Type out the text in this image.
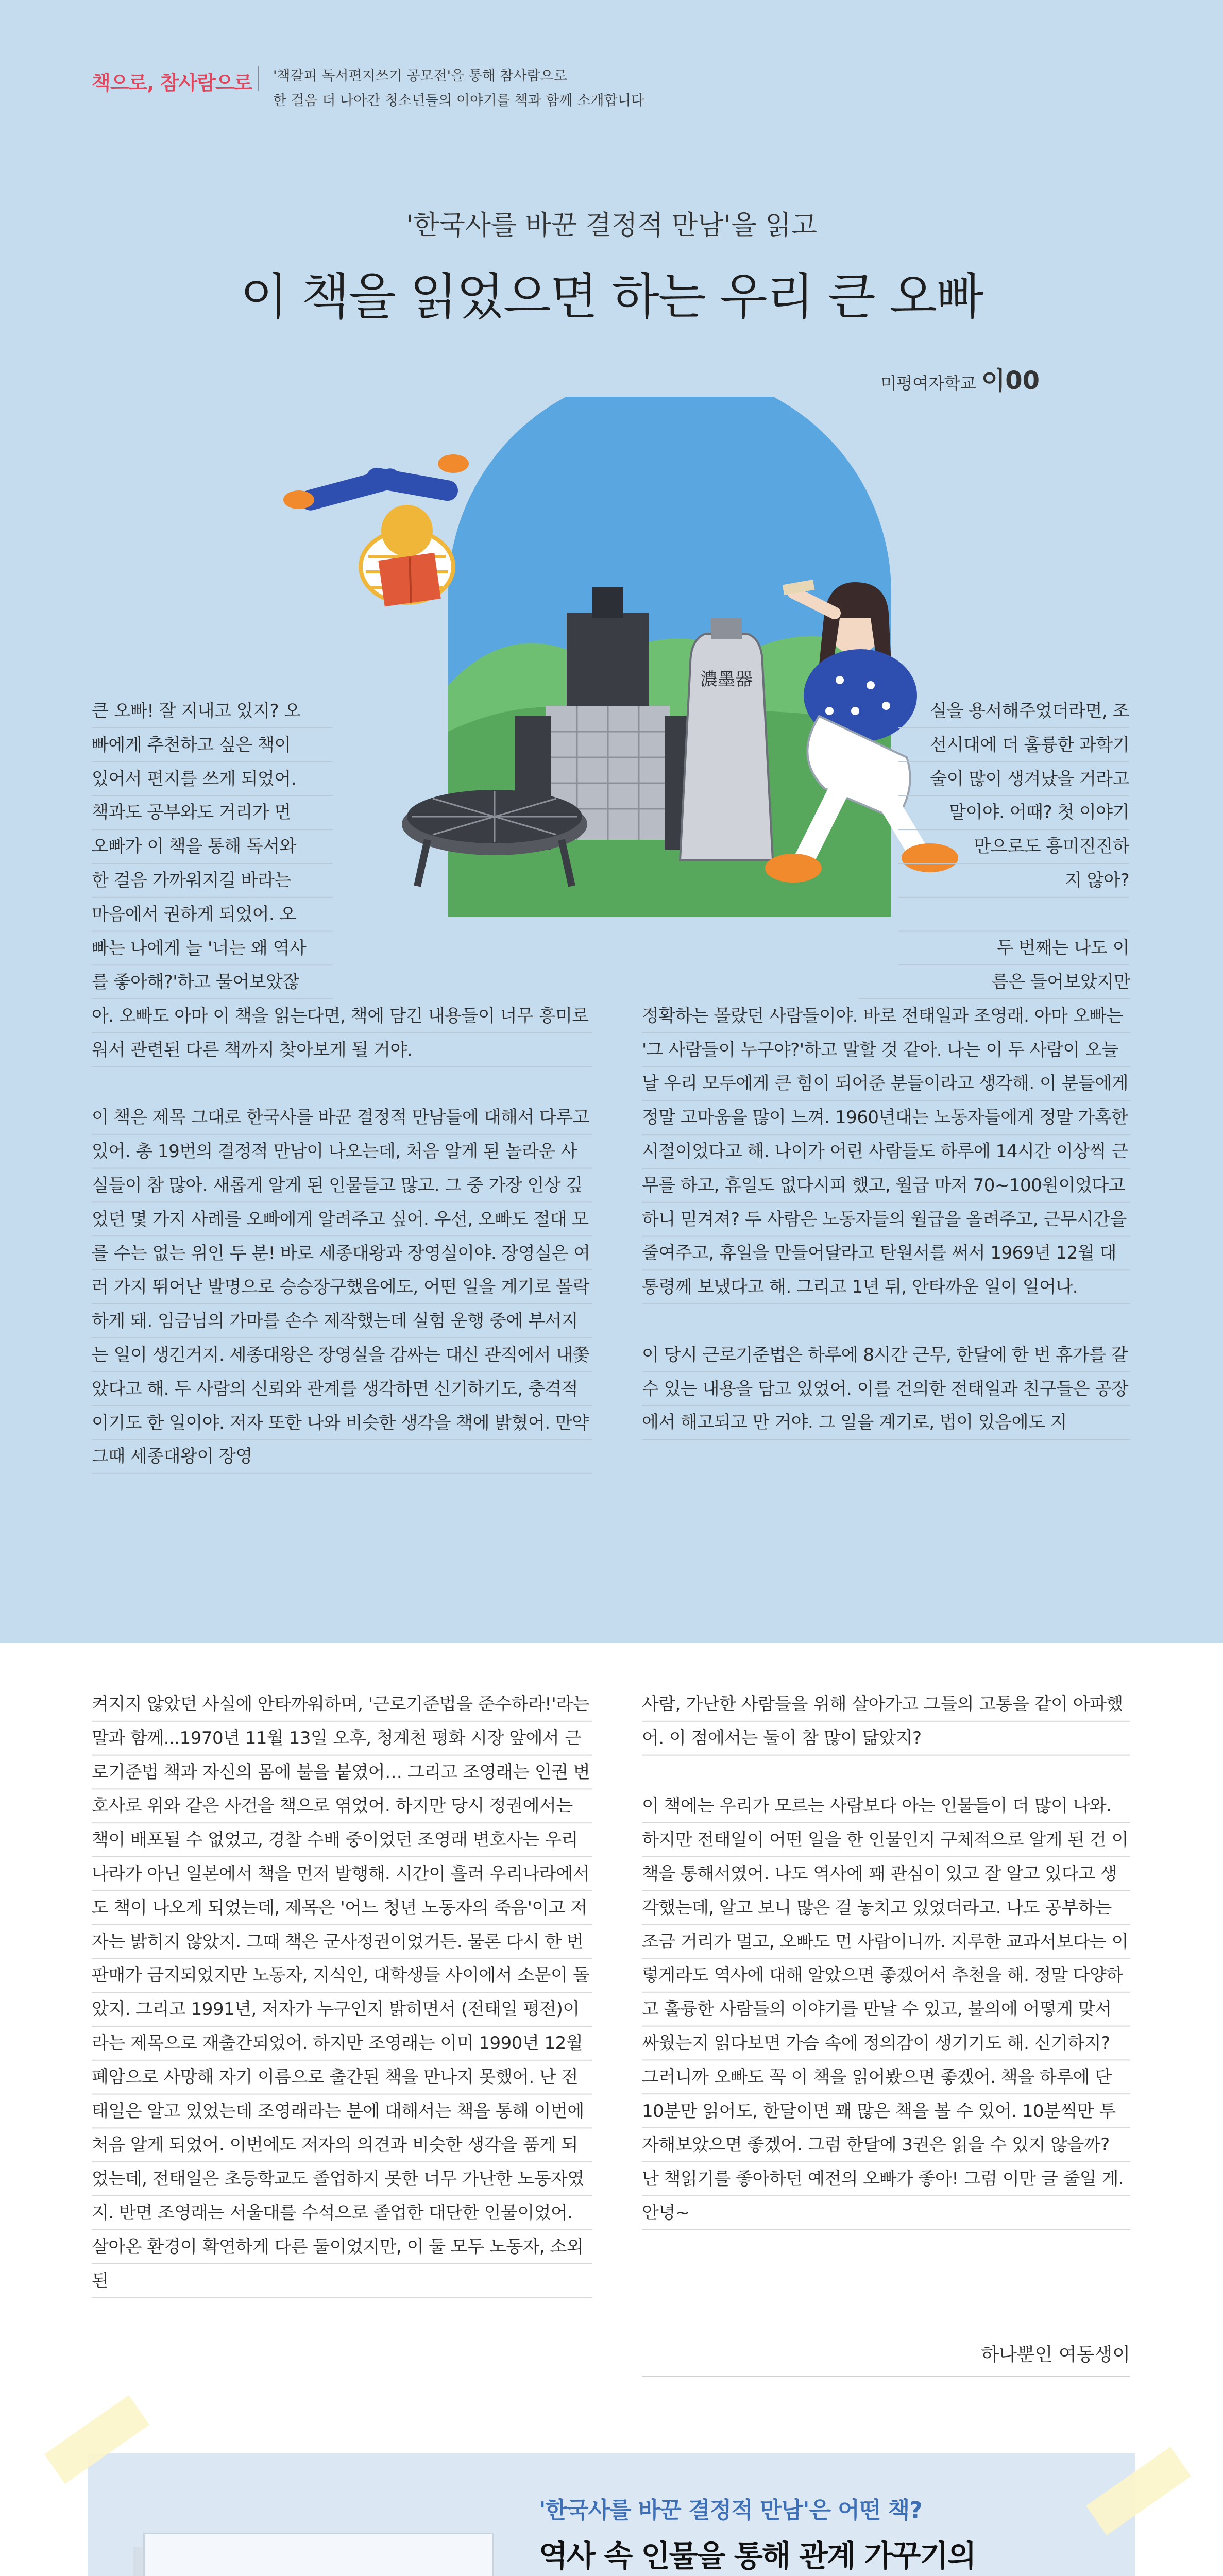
책으로, 참사람으로 '책갈피 독서편지쓰기 공모전'을 통해 참사람으로
한 걸음 더 나아간 청소년들의 이야기를 책과 함께 소개합니다
'한국사를 바꾼 결정적 만남'을 읽고
이 책을 읽었으면 하는 우리 큰 오빠
미평여자학교 이00
濃墨器
큰 오빠! 잘 지내고 있지? 오
빠에게 추천하고 싶은 책이
있어서 편지를 쓰게 되었어.
책과도 공부와도 거리가 먼
오빠가 이 책을 통해 독서와
한 걸음 가까워지길 바라는
마음에서 권하게 되었어. 오
빠는 나에게 늘 '너는 왜 역사
를 좋아해?'하고 물어보았잖

아. 오빠도 아마 이 책을 읽는다면, 책에 담긴 내용들이 너무 흥미로워서 관련된 다른 책까지 찾아보게 될 거야.

이 책은 제목 그대로 한국사를 바꾼 결정적 만남들에 대해서 다루고 있어. 총 19번의 결정적 만남이 나오는데, 처음 알게 된 놀라운 사실들이 참 많아. 새롭게 알게 된 인물들고 많고. 그 중 가장 인상 깊었던 몇 가지 사례를 오빠에게 알려주고 싶어. 우선, 오빠도 절대 모를 수는 없는 위인 두 분! 바로 세종대왕과 장영실이야. 장영실은 여러 가지 뛰어난 발명으로 승승장구했음에도, 어떤 일을 계기로 몰락하게 돼. 임금님의 가마를 손수 제작했는데 실험 운행 중에 부서지는 일이 생긴거지. 세종대왕은 장영실을 감싸는 대신 관직에서 내쫓았다고 해. 두 사람의 신뢰와 관계를 생각하면 신기하기도, 충격적이기도 한 일이야. 저자 또한 나와 비슷한 생각을 책에 밝혔어. 만약 그때 세종대왕이 장영

실을 용서해주었더라면, 조
선시대에 더 훌륭한 과학기
술이 많이 생겨났을 거라고
말이야. 어때? 첫 이야기
만으로도 흥미진진하
지 않아?
두 번째는 나도 이
름은 들어보았지만

정확하는 몰랐던 사람들이야. 바로 전태일과 조영래. 아마 오빠는 '그 사람들이 누구야?'하고 말할 것 같아. 나는 이 두 사람이 오늘 날 우리 모두에게 큰 힘이 되어준 분들이라고 생각해. 이 분들에게 정말 고마움을 많이 느껴. 1960년대는 노동자들에게 정말 가혹한 시절이었다고 해. 나이가 어린 사람들도 하루에 14시간 이상씩 근무를 하고, 휴일도 없다시피 했고, 월급 마저 70~100원이었다고 하니 믿겨져? 두 사람은 노동자들의 월급을 올려주고, 근무시간을 줄여주고, 휴일을 만들어달라고 탄원서를 써서 1969년 12월 대통령께 보냈다고 해. 그리고 1년 뒤, 안타까운 일이 일어나.

이 당시 근로기준법은 하루에 8시간 근무, 한달에 한 번 휴가를 갈 수 있는 내용을 담고 있었어. 이를 건의한 전태일과 친구들은 공장에서 해고되고 만 거야. 그 일을 계기로, 법이 있음에도 지

켜지지 않았던 사실에 안타까워하며, '근로기준법을 준수하라!'라는 말과 함께...1970년 11월 13일 오후, 청계천 평화 시장 앞에서 근로기준법 책과 자신의 몸에 불을 붙였어… 그리고 조영래는 인권 변호사로 위와 같은 사건을 책으로 엮었어. 하지만 당시 정권에서는 책이 배포될 수 없었고, 경찰 수배 중이었던 조영래 변호사는 우리나라가 아닌 일본에서 책을 먼저 발행해. 시간이 흘러 우리나라에서도 책이 나오게 되었는데, 제목은 '어느 청년 노동자의 죽음'이고 저자는 밝히지 않았지. 그때 책은 군사정권이었거든. 물론 다시 한 번 판매가 금지되었지만 노동자, 지식인, 대학생들 사이에서 소문이 돌았지. 그리고 1991년, 저자가 누구인지 밝히면서 (전태일 평전)이라는 제목으로 재출간되었어. 하지만 조영래는 이미 1990년 12월 폐암으로 사망해 자기 이름으로 출간된 책을 만나지 못했어. 난 전태일은 알고 있었는데 조영래라는 분에 대해서는 책을 통해 이번에 처음 알게 되었어. 이번에도 저자의 의견과 비슷한 생각을 품게 되었는데, 전태일은 초등학교도 졸업하지 못한 너무 가난한 노동자였지. 반면 조영래는 서울대를 수석으로 졸업한 대단한 인물이었어. 살아온 환경이 확연하게 다른 둘이었지만, 이 둘 모두 노동자, 소외된

사람, 가난한 사람들을 위해 살아가고 그들의 고통을 같이 아파했어. 이 점에서는 둘이 참 많이 닮았지?

이 책에는 우리가 모르는 사람보다 아는 인물들이 더 많이 나와. 하지만 전태일이 어떤 일을 한 인물인지 구체적으로 알게 된 건 이 책을 통해서였어. 나도 역사에 꽤 관심이 있고 잘 알고 있다고 생각했는데, 알고 보니 많은 걸 놓치고 있었더라고. 나도 공부하는 조금 거리가 멀고, 오빠도 먼 사람이니까. 지루한 교과서보다는 이렇게라도 역사에 대해 알았으면 좋겠어서 추천을 해. 정말 다양하고 훌륭한 사람들의 이야기를 만날 수 있고, 불의에 어떻게 맞서 싸웠는지 읽다보면 가슴 속에 정의감이 생기기도 해. 신기하지? 그러니까 오빠도 꼭 이 책을 읽어봤으면 좋겠어. 책을 하루에 단 10분만 읽어도, 한달이면 꽤 많은 책을 볼 수 있어. 10분씩만 투자해보았으면 좋겠어. 그럼 한달에 3권은 읽을 수 있지 않을까? 난 책읽기를 좋아하던 예전의 오빠가 좋아! 그럼 이만 글 줄일 게. 안녕~

하나뿐인 여동생이

'한국사를 바꾼 결정적 만남'은 어떤 책?
역사 속 인물을 통해 관계 가꾸기의
